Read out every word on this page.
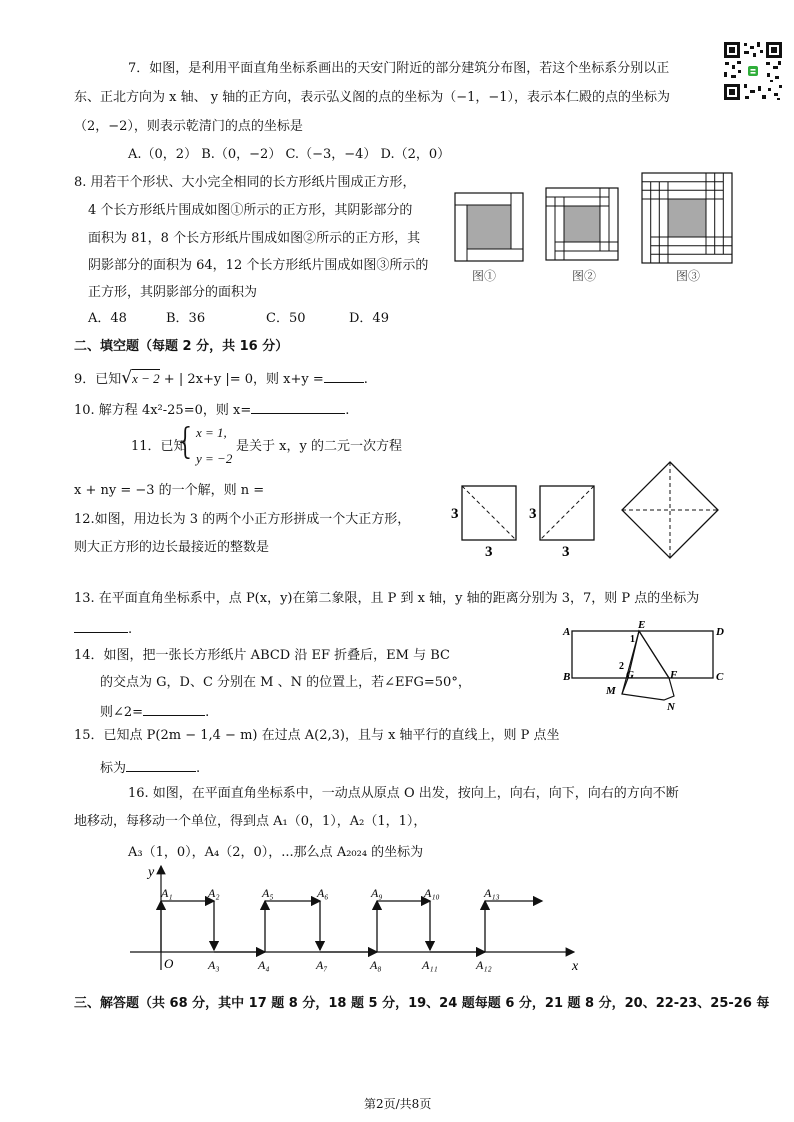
7．如图，是利用平面直角坐标系画出的天安门附近的部分建筑分布图，若这个坐标系分别以正
东、正北方向为 x 轴、 y 轴的正方向，表示弘义阁的点的坐标为（−1，−1），表示本仁殿的点的坐标为
（2，−2），则表示乾清门的点的坐标是
A.（0，2） B.（0，−2） C.（−3，−4） D.（2，0）
8. 用若干个形状、大小完全相同的长方形纸片围成正方形，
4 个长方形纸片围成如图①所示的正方形，其阴影部分的
面积为 81，8 个长方形纸片围成如图②所示的正方形，其
阴影部分的面积为 64，12 个长方形纸片围成如图③所示的
正方形，其阴影部分的面积为
A．48	B．36	C．50	D．49
图①	图②	图③
二、填空题（每题 2 分，共 16 分）
9．已知√x − 2 + | 2x+y |= 0，则 x+y =	.
10. 解方程 4x²-25=0，则 x=	.
11．已知
{ x = 1,
y = −2
是关于 x，y 的二元一次方程
x + ny = −3 的一个解，则 n =
12.如图，用边长为 3 的两个小正方形拼成一个大正方形，
则大正方形的边长最接近的整数是
3
3
3
3
13. 在平面直角坐标系中，点 P(x，y)在第二象限，且 P 到 x 轴，y 轴的距离分别为 3，7，则 P 点的坐标为
.
14．如图，把一张长方形纸片 ABCD 沿 EF 折叠后，EM 与 BC
的交点为 G，D、C 分别在 M 、N 的位置上，若∠EFG=50°，
则∠2=	.
A	D
B	C
E
F
G
M
N
1
2
15．已知点 P(2m − 1,4 − m) 在过点 A(2,3)，且与 x 轴平行的直线上，则 P 点坐
标为	.
16. 如图，在平面直角坐标系中，一动点从原点 O 出发，按向上，向右，向下，向右的方向不断
地移动，每移动一个单位，得到点 A₁（0，1），A₂（1，1），
A₃（1，0），A₄（2，0），...那么点 A₂₀₂₄ 的坐标为
y
x
O
A₁	A₂	A₅	A₆	A₉	A₁₀	A₁₃
A₃	A₄	A₇	A₈	A₁₁	A₁₂
三、解答题（共 68 分，其中 17 题 8 分，18 题 5 分，19、24 题每题 6 分，21 题 8 分，20、22-23、25-26 每
第2页/共8页
